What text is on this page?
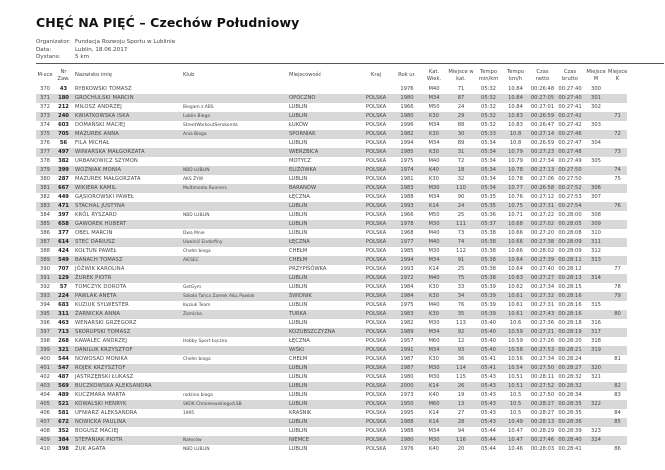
CHĘĆ NA PIĘĆ – Czechów Południowy
Organizator: Fundacja Rozwoju Sportu w Lublinie
Data:	Lublin, 18.06.2017
Dystans:	5 km
M-sce	Nr Zaw.	Nazwisko imię	Klub	Miejscowość	Kraj	Rok ur.	Kat. Wiek.	Miejsce w kat.	Tempo min/km	Tempo km/h	Czas netto	Czas brutto	Miejsce M	Miejsce K
370	43	RYBKOWSKI TOMASZ				1976	M40	71	05:32	10.84	00:26:48	00:27:40	300	
371	180	GROCHULSKI MARCIN		OPOCZNO	POLSKA	1980	M34	87	05:32	10.84	00:27:05	00:27:40	301	
372	212	MIŁOSZ ANDRZEJ	Biegam z ABS	LUBLIN	POLSKA	1966	M50	24	05:32	10.84	00:27:01	00:27:41	302	
373	240	KWIATKOWSKA ISKA	Lublin Biega	LUBLIN	POLSKA	1980	K30	29	05:32	10.83	00:26:59	00:27:42		71
374	603	DOMAŃSKI MACIEJ	StreetWorkoutSerokomla	ŁUKÓW	POLSKA	1996	M34	88	05:32	10.83	00:26:47	00:27:42	303	
375	705	MAZUREK ANNA	Ania Biega	SPORNIAK	POLSKA	1982	K30	30	05:33	10.8	00:27:14	00:27:46		72
376	56	FILA MICHAŁ		LUBLIN	POLSKA	1994	M34	89	05:34	10.8	00:26:59	00:27:47	304	
377	497	WINIARSKA MAŁGORZATA		WIERZBICA	POLSKA	1985	K30	31	05:34	10.79	00:27:23	00:27:48		73
378	382	URBANOWICZ SZYMON		MOTYCZ	POLSKA	1975	M40	72	05:34	10.79	00:27:34	00:27:49	305	
379	399	WOŹNIAK MONIA	NBD LUBLIN	ELIZÓWKA	POLSKA	1974	K40	18	05:34	10.78	00:27:13	00:27:50		74
380	287	MAZUREK MAŁGORZATA	AKS ŻYW	LUBLIN	POLSKA	1981	K30	32	05:34	10.78	00:27:06	00:27:50		75
381	667	WIKIERA KAMIL	Multimedia Runners	BARANÓW	POLSKA	1983	M30	110	05:34	10.77	00:26:58	00:27:52	306	
382	449	GĄSIOROWSKI PAWEŁ		ŁĘCZNA	POLSKA	1988	M34	90	05:35	10.76	00:27:12	00:27:53	307	
383	471	STACHAL JUSTYNA		LUBLIN	POLSKA	1993	K14	24	05:35	10.75	00:27:31	00:27:54		76
384	397	KRÓL RYSZARD	NBD LUBLIN	LUBLIN	POLSKA	1966	M50	25	05:36	10.71	00:27:22	00:28:00	308	
385	658	GAWOREK HUBERT		LUBLIN	POLSKA	1978	M30	111	05:37	10.68	00:27:02	00:28:05	309	
386	377	OBEL MARCIN	Dwa Mnie	LUBLIN	POLSKA	1968	M40	73	05:38	10.66	00:27:20	00:28:08	310	
387	614	STEĆ DARIUSZ	Uwolnić Endorfiny	ŁĘCZNA	POLSKA	1977	M40	74	05:38	10.66	00:27:38	00:28:09	311	
388	424	KOŁTUN PAWEŁ	Chełm biega	CHEŁM	POLSKA	1985	M30	112	05:38	10.66	00:28:02	00:28:09	312	
389	549	BANACH TOMASZ	AIESEC	CHEŁM	POLSKA	1994	M34	91	05:38	10.64	00:27:39	00:28:11	313	
390	707	JÓŹWIK KAROLINA		PRZYPISÓWKA	POLSKA	1993	K14	25	05:38	10.64	00:27:40	00:28:12		77
391	129	ŻUREK PIOTR		LUBLIN	POLSKA	1972	M40	75	05:38	10.63	00:27:27	00:28:13	314	
392	57	TOMCZYK DOROTA	GetGym	LUBLIN	POLSKA	1984	K30	33	05:39	10.62	00:27:34	00:28:15		78
393	224	PAWLAK ANETA	Szkoła Tańca Zamek A&L Pawlak	ŚWIDNIK	POLSKA	1984	K30	34	05:39	10.61	00:27:32	00:28:16		79
394	683	KUZIUK SYLWESTER	Kuziuk Team	LUBLIN	POLSKA	1975	M40	76	05:39	10.61	00:27:31	00:28:16	315	
395	311	ŻARNICKA ANNA	Żarnicka	TURKA	POLSKA	1983	K30	35	05:39	10.61	00:27:43	00:28:16		80
396	463	WENARSKI GRZEGORZ		LUBLIN	POLSKA	1982	M30	113	05:40	10.6	00:27:36	00:28:18	316	
397	713	SKORUPSKI TOMASZ		KOZUBSZCZYZNA	POLSKA	1989	M34	92	05:40	10.59	00:27:21	00:28:19	317	
398	268	KAWALEC ANDRZEJ	Hobby Sport Łęczna	ŁĘCZNA	POLSKA	1957	M60	12	05:40	10.59	00:27:26	00:28:20	318	
399	321	DANILUK KRZYSZTOF		WIŚKI	POLSKA	1991	M34	93	05:40	10.58	00:27:53	00:28:21	319	
400	544	NOWOSAD MONIKA	Chełm biega	CHEŁM	POLSKA	1987	K30	36	05:41	10.56	00:27:34	00:28:24		81
401	547	ROJEK KRZYSZTOF		LUBLIN	POLSKA	1987	M30	114	05:41	10.54	00:27:50	00:28:27	320	
402	487	JASTRZĘBSKI ŁUKASZ		LUBLIN	POLSKA	1980	M30	115	05:43	10.51	00:28:11	00:28:32	321	
403	569	BUCZKOWSKA ALEKSANDRA		LUBLIN	POLSKA	2000	K14	26	05:43	10.51	00:27:52	00:28:32		82
404	489	KUCZMARA MARTA	rodzina biega	LUBLIN	POLSKA	1973	K40	19	05:43	10.5	00:27:50	00:28:34		83
405	521	KOWALSKI HENRYK	SKOK Chmielewskiego/LSB	LUBLIN	POLSKA	1950	M60	13	05:43	10.5	00:28:27	00:28:35	322	
406	581	UFNIARZ ALEKSANDRA	1995	KRAŚNIK	POLSKA	1995	K14	27	05:43	10.5	00:28:27	00:28:35		84
407	672	NOWICKA PAULINA		LUBLIN	POLSKA	1988	K14	28	05:43	10.49	00:28:13	00:28:36		85
408	352	BOGUSZ MACIEJ		LUBLIN	POLSKA	1988	M34	94	05:44	10.47	00:28:29	00:28:39	323	
409	384	STEFANIAK PIOTR	Nałęców	NIEMCE	POLSKA	1980	M30	116	05:44	10.47	00:27:46	00:28:40	324	
410	398	ŻUK AGATA	NBD LUBLIN	LUBLIN	POLSKA	1976	K40	20	05:44	10.46	00:28:03	00:28:41		86
